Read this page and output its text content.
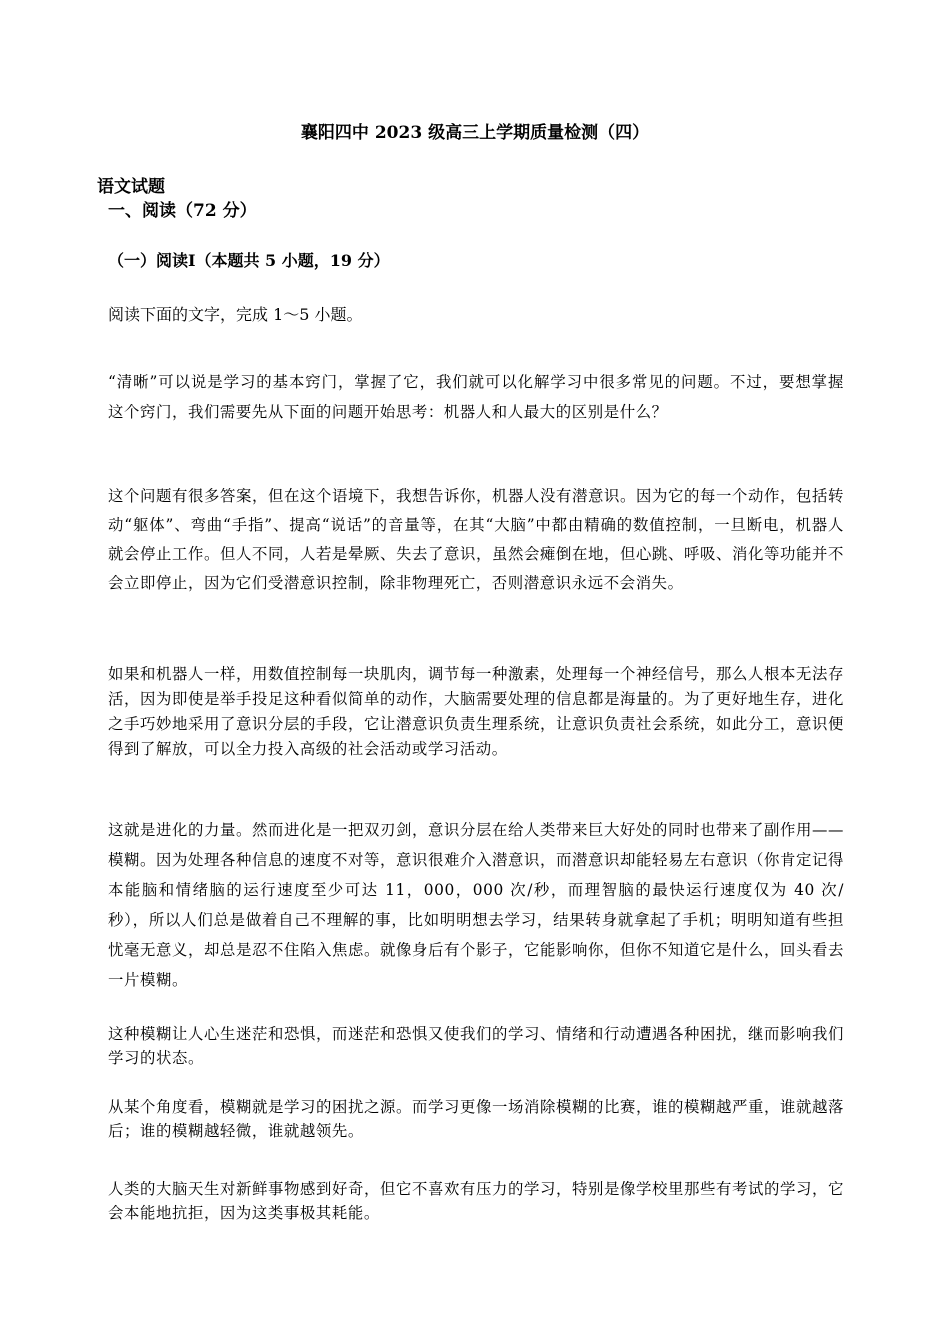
襄阳四中 2023 级高三上学期质量检测（四）
语文试题
一、阅读（72 分）
（一）阅读I（本题共 5 小题，19 分）

阅读下面的文字，完成 1～5 小题。

“清晰”可以说是学习的基本窍门，掌握了它，我们就可以化解学习中很多常见的问题。不过，要想掌握这个窍门，我们需要先从下面的问题开始思考：机器人和人最大的区别是什么？

这个问题有很多答案，但在这个语境下，我想告诉你，机器人没有潜意识。因为它的每一个动作，包括转动“躯体”、弯曲“手指”、提高“说话”的音量等，在其“大脑”中都由精确的数值控制，一旦断电，机器人就会停止工作。但人不同，人若是晕厥、失去了意识，虽然会瘫倒在地，但心跳、呼吸、消化等功能并不会立即停止，因为它们受潜意识控制，除非物理死亡，否则潜意识永远不会消失。

如果和机器人一样，用数值控制每一块肌肉，调节每一种激素，处理每一个神经信号，那么人根本无法存活，因为即使是举手投足这种看似简单的动作，大脑需要处理的信息都是海量的。为了更好地生存，进化之手巧妙地采用了意识分层的手段，它让潜意识负责生理系统，让意识负责社会系统，如此分工，意识便得到了解放，可以全力投入高级的社会活动或学习活动。

这就是进化的力量。然而进化是一把双刃剑，意识分层在给人类带来巨大好处的同时也带来了副作用——模糊。因为处理各种信息的速度不对等，意识很难介入潜意识，而潜意识却能轻易左右意识（你肯定记得本能脑和情绪脑的运行速度至少可达 11，000，000 次/秒，而理智脑的最快运行速度仅为 40 次/秒），所以人们总是做着自己不理解的事，比如明明想去学习，结果转身就拿起了手机；明明知道有些担忧毫无意义，却总是忍不住陷入焦虑。就像身后有个影子，它能影响你，但你不知道它是什么，回头看去一片模糊。

这种模糊让人心生迷茫和恐惧，而迷茫和恐惧又使我们的学习、情绪和行动遭遇各种困扰，继而影响我们学习的状态。

从某个角度看，模糊就是学习的困扰之源。而学习更像一场消除模糊的比赛，谁的模糊越严重，谁就越落后；谁的模糊越轻微，谁就越领先。

人类的大脑天生对新鲜事物感到好奇，但它不喜欢有压力的学习，特别是像学校里那些有考试的学习，它会本能地抗拒，因为这类事极其耗能。
